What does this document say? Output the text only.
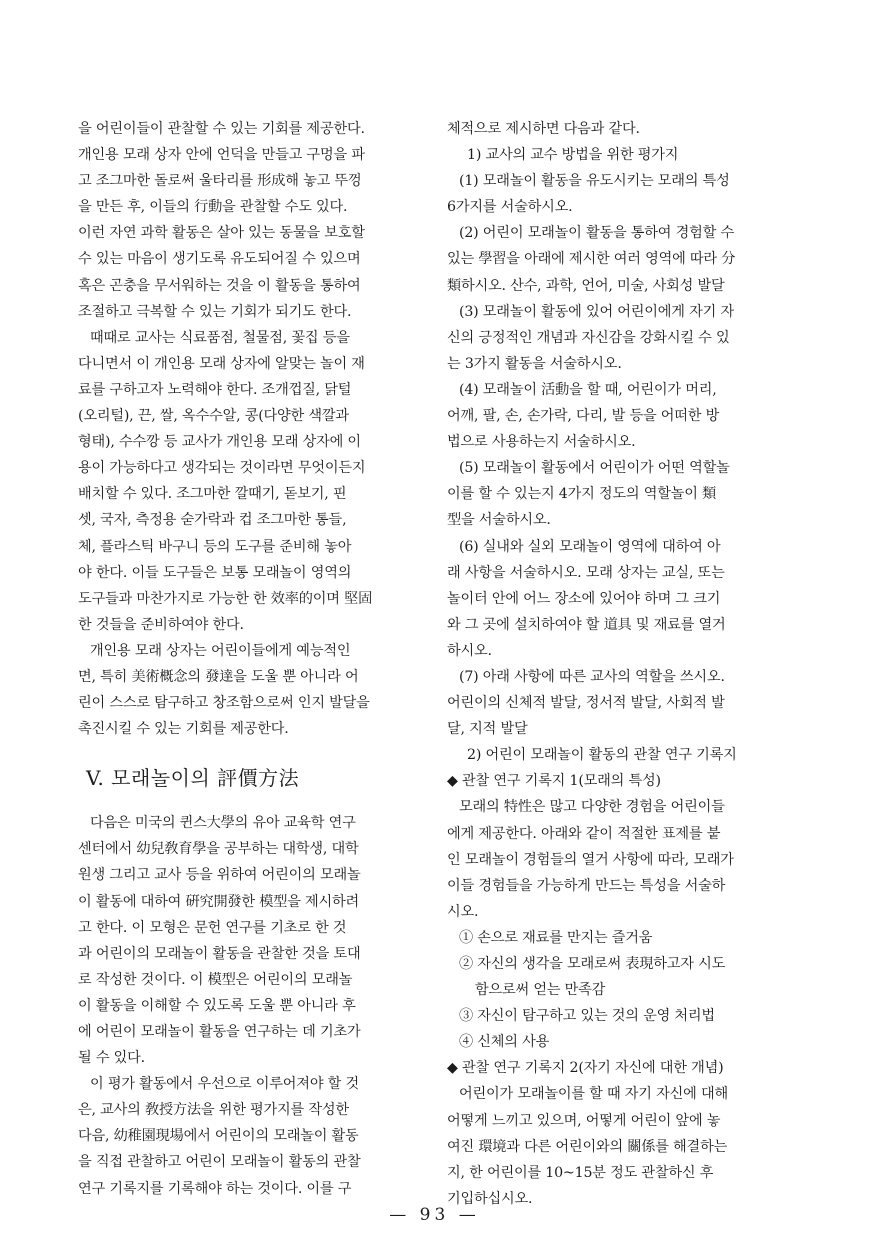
을 어린이들이 관찰할 수 있는 기회를 제공한다.
개인용 모래 상자 안에 언덕을 만들고 구멍을 파
고 조그마한 돌로써 울타리를 形成해 놓고 뚜껑
을 만든 후, 이들의 行動을 관찰할 수도 있다.
이런 자연 과학 활동은 살아 있는 동물을 보호할
수 있는 마음이 생기도록 유도되어질 수 있으며
혹은 곤충을 무서워하는 것을 이 활동을 통하여
조절하고 극복할 수 있는 기회가 되기도 한다.
때때로 교사는 식료품점, 철물점, 꽃집 등을
다니면서 이 개인용 모래 상자에 알맞는 놀이 재
료를 구하고자 노력해야 한다. 조개껍질, 닭털
(오리털), 끈, 쌀, 옥수수알, 콩(다양한 색깔과
형태), 수수깡 등 교사가 개인용 모래 상자에 이
용이 가능하다고 생각되는 것이라면 무엇이든지
배치할 수 있다. 조그마한 깔때기, 돋보기, 핀
셋, 국자, 측정용 숟가락과 컵 조그마한 통들,
체, 플라스틱 바구니 등의 도구를 준비해 놓아
야 한다. 이들 도구들은 보통 모래놀이 영역의
도구들과 마찬가지로 가능한 한 效率的이며 堅固
한 것들을 준비하여야 한다.
개인용 모래 상자는 어린이들에게 예능적인
면, 특히 美術概念의 發達을 도울 뿐 아니라 어
린이 스스로 탐구하고 창조함으로써 인지 발달을
촉진시킬 수 있는 기회를 제공한다.
V. 모래놀이의 評價方法
다음은 미국의 퀸스大學의 유아 교육학 연구
센터에서 幼兒敎育學을 공부하는 대학생, 대학
원생 그리고 교사 등을 위하여 어린이의 모래놀
이 활동에 대하여 硏究開發한 模型을 제시하려
고 한다. 이 모형은 문헌 연구를 기초로 한 것
과 어린이의 모래놀이 활동을 관찰한 것을 토대
로 작성한 것이다. 이 模型은 어린이의 모래놀
이 활동을 이해할 수 있도록 도울 뿐 아니라 후
에 어린이 모래놀이 활동을 연구하는 데 기초가
될 수 있다.
이 평가 활동에서 우선으로 이루어져야 할 것
은, 교사의 敎授方法을 위한 평가지를 작성한
다음, 幼稚園現場에서 어린이의 모래놀이 활동
을 직접 관찰하고 어린이 모래놀이 활동의 관찰
연구 기록지를 기록해야 하는 것이다. 이를 구
체적으로 제시하면 다음과 같다.
1) 교사의 교수 방법을 위한 평가지
(1) 모래놀이 활동을 유도시키는 모래의 특성
6가지를 서술하시오.
(2) 어린이 모래놀이 활동을 통하여 경험할 수
있는 學習을 아래에 제시한 여러 영역에 따라 分
類하시오. 산수, 과학, 언어, 미술, 사회성 발달
(3) 모래놀이 활동에 있어 어린이에게 자기 자
신의 긍정적인 개념과 자신감을 강화시킬 수 있
는 3가지 활동을 서술하시오.
(4) 모래놀이 活動을 할 때, 어린이가 머리,
어깨, 팔, 손, 손가락, 다리, 발 등을 어떠한 방
법으로 사용하는지 서술하시오.
(5) 모래놀이 활동에서 어린이가 어떤 역할놀
이를 할 수 있는지 4가지 정도의 역할놀이 類
型을 서술하시오.
(6) 실내와 실외 모래놀이 영역에 대하여 아
래 사항을 서술하시오. 모래 상자는 교실, 또는
놀이터 안에 어느 장소에 있어야 하며 그 크기
와 그 곳에 설치하여야 할 道具 및 재료를 열거
하시오.
(7) 아래 사항에 따른 교사의 역할을 쓰시오.
어린이의 신체적 발달, 정서적 발달, 사회적 발
달, 지적 발달
2) 어린이 모래놀이 활동의 관찰 연구 기록지
◆ 관찰 연구 기록지 1(모래의 특성)
모래의 特性은 많고 다양한 경험을 어린이들
에게 제공한다. 아래와 같이 적절한 표제를 붙
인 모래놀이 경험들의 열거 사항에 따라, 모래가
이들 경험들을 가능하게 만드는 특성을 서술하
시오.
① 손으로 재료를 만지는 즐거움
② 자신의 생각을 모래로써 表現하고자 시도
함으로써 얻는 만족감
③ 자신이 탐구하고 있는 것의 운영 처리법
④ 신체의 사용
◆ 관찰 연구 기록지 2(자기 자신에 대한 개념)
어린이가 모래놀이를 할 때 자기 자신에 대해
어떻게 느끼고 있으며, 어떻게 어린이 앞에 놓
여진 環境과 다른 어린이와의 關係를 해결하는
지, 한 어린이를 10~15분 정도 관찰하신 후
기입하십시오.
— 93 —
